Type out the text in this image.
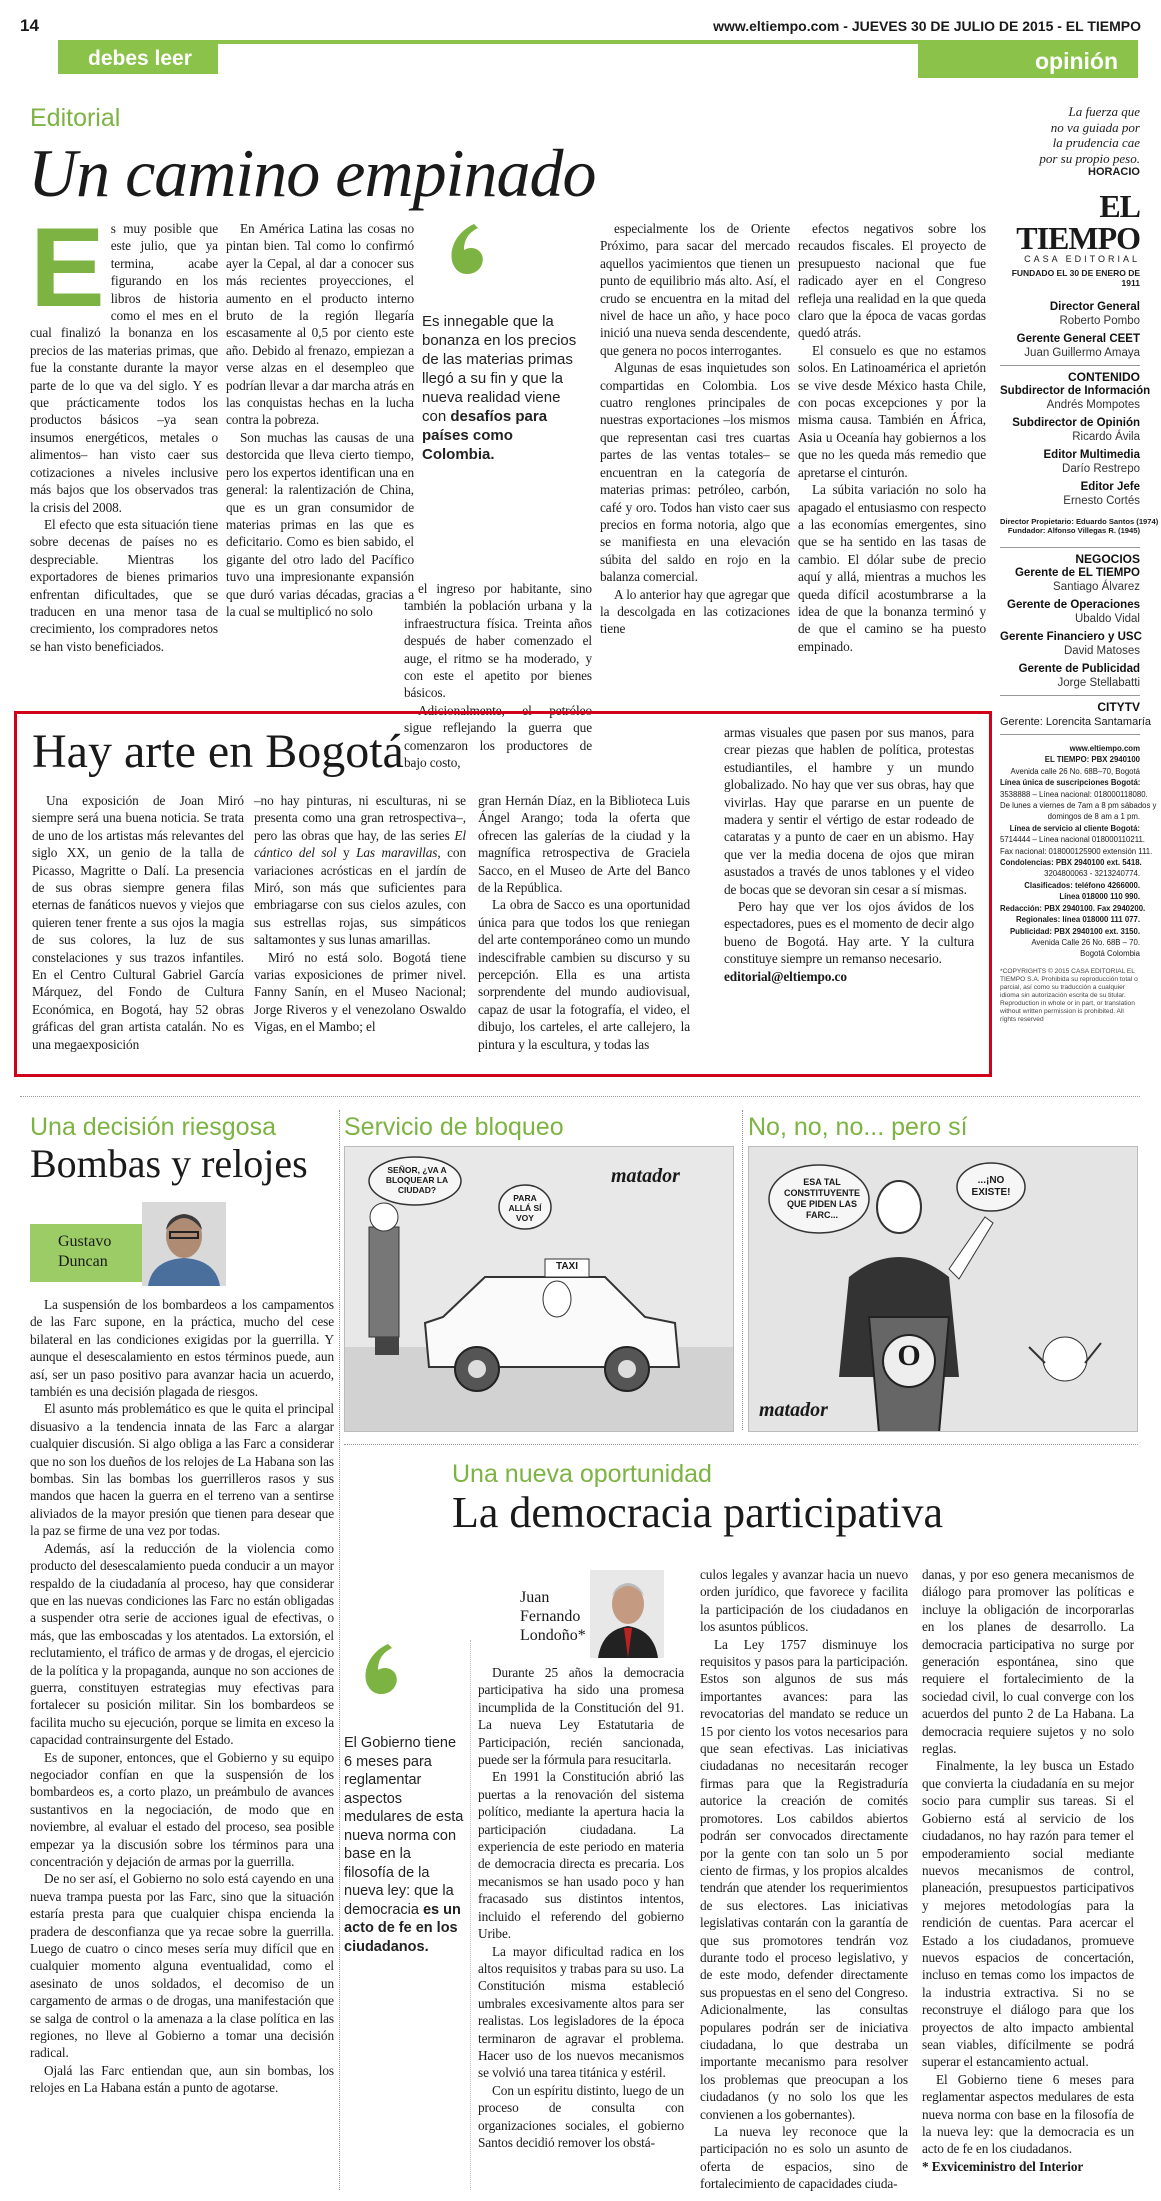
14	www.eltiempo.com - JUEVES 30 DE JULIO DE 2015 - EL TIEMPO
debes leer	opinión
Editorial
Un camino empinado
E s muy posible que este julio, que ya termina, acabe figurando en los libros de historia como el mes en el cual finalizó la bonanza en los precios de las materias primas, que fue la constante durante la mayor parte de lo que va del siglo. Y es que prácticamente todos los productos básicos –ya sean insumos energéticos, metales o alimentos– han visto caer sus cotizaciones a niveles inclusive más bajos que los observados tras la crisis del 2008.

El efecto que esta situación tiene sobre decenas de países no es despreciable. Mientras los exportadores de bienes primarios enfrentan dificultades, que se traducen en una menor tasa de crecimiento, los compradores netos se han visto beneficiados.

En América Latina las cosas no pintan bien. Tal como lo confirmó ayer la Cepal, al dar a conocer sus más recientes proyecciones, el aumento en el producto interno bruto de la región llegaría escasamente al 0,5 por ciento este año. Debido al frenazo, empiezan a verse alzas en el desempleo que podrían llevar a dar marcha atrás en las conquistas hechas en la lucha contra la pobreza.

Son muchas las causas de una destorcida que lleva cierto tiempo, pero los expertos identifican una en general: la ralentización de China, que es un gran consumidor de materias primas en las que es deficitario. Como es bien sabido, el gigante del otro lado del Pacífico tuvo una impresionante expansión que duró varias décadas, gracias a la cual se multiplicó no solo

Es innegable que la bonanza en los precios de las materias primas llegó a su fin y que la nueva realidad viene con desafíos para países como Colombia.

el ingreso por habitante, sino también la población urbana y la infraestructura física. Treinta años después de haber comenzado el auge, el ritmo se ha moderado, y con este el apetito por bienes básicos.

Adicionalmente, el petróleo sigue reflejando la guerra que comenzaron los productores de bajo costo,

especialmente los de Oriente Próximo, para sacar del mercado aquellos yacimientos que tienen un punto de equilibrio más alto. Así, el crudo se encuentra en la mitad del nivel de hace un año, y hace poco inició una nueva senda descendente, que genera no pocos interrogantes.

Algunas de esas inquietudes son compartidas en Colombia. Los cuatro renglones principales de nuestras exportaciones –los mismos que representan casi tres cuartas partes de las ventas totales– se encuentran en la categoría de materias primas: petróleo, carbón, café y oro. Todos han visto caer sus precios en forma notoria, algo que se manifiesta en una elevación súbita del saldo en rojo en la balanza comercial.

A lo anterior hay que agregar que la descolgada en las cotizaciones tiene

efectos negativos sobre los recaudos fiscales. El proyecto de presupuesto nacional que fue radicado ayer en el Congreso refleja una realidad en la que queda claro que la época de vacas gordas quedó atrás.

El consuelo es que no estamos solos. En Latinoamérica el aprietón se vive desde México hasta Chile, con pocas excepciones y por la misma causa. También en África, Asia u Oceanía hay gobiernos a los que no les queda más remedio que apretarse el cinturón.

La súbita variación no solo ha apagado el entusiasmo con respecto a las economías emergentes, sino que se ha sentido en las tasas de cambio. El dólar sube de precio aquí y allá, mientras a muchos les queda difícil acostumbrarse a la idea de que la bonanza terminó y de que el camino se ha puesto empinado.

La fuerza que
no va guiada por
la prudencia cae
por su propio peso.
HORACIO
EL TIEMPO
CASA EDITORIAL
FUNDADO EL 30 DE ENERO DE 1911
Director General
Roberto Pombo
Gerente General CEET
Juan Guillermo Amaya
CONTENIDO
Subdirector de Información
Andrés Mompotes
Subdirector de Opinión
Ricardo Ávila
Editor Multimedia
Darío Restrepo
Editor Jefe
Ernesto Cortés
Director Propietario: Eduardo Santos (1974)
Fundador: Alfonso Villegas R. (1945)
NEGOCIOS
Gerente de EL TIEMPO
Santiago Álvarez
Gerente de Operaciones
Ubaldo Vidal
Gerente Financiero y USC
David Matoses
Gerente de Publicidad
Jorge Stellabatti
CITYTV
Gerente: Lorencita Santamaría
www.eltiempo.com
EL TIEMPO: PBX 2940100
Avenida calle 26 No. 68B–70, Bogotá
Línea única de suscripciones Bogotá:
3538888 – Línea nacional: 018000118080.
De lunes a viernes de 7am a 8 pm sábados y
domingos de 8 am a 1 pm.
Línea de servicio al cliente Bogotá:
5714444 – Línea nacional 018000110211.
Fax nacional: 018000125900 extensión 111.
Condolencias: PBX 2940100 ext. 5418.
3204800063 - 3213240774.
Clasificados: teléfono 4266000.
Línea 018000 110 990.
Redacción: PBX 2940100. Fax 2940200.
Regionales: línea 018000 111 077.
Publicidad: PBX 2940100 ext. 3150.
Avenida Calle 26 No. 68B – 70.
Bogotá Colombia
*COPYRIGHTS © 2015 CASA EDITORIAL EL TIEMPO S.A. Prohibida su reproducción total o parcial, así como su traducción a cualquier idioma sin autorización escrita de su titular. Reproduction in whole or in part, or translation without written permission is prohibited. All rights reserved
Hay arte en Bogotá

Una exposición de Joan Miró siempre será una buena noticia. Se trata de uno de los artistas más relevantes del siglo XX, un genio de la talla de Picasso, Magritte o Dalí. La presencia de sus obras siempre genera filas eternas de fanáticos nuevos y viejos que quieren tener frente a sus ojos la magia de sus colores, la luz de sus constelaciones y sus trazos infantiles. En el Centro Cultural Gabriel García Márquez, del Fondo de Cultura Económica, en Bogotá, hay 52 obras gráficas del gran artista catalán. No es una megaexposición

–no hay pinturas, ni esculturas, ni se presenta como una gran retrospectiva–, pero las obras que hay, de las series El cántico del sol y Las maravillas, con variaciones acrósticas en el jardín de Miró, son más que suficientes para embriagarse con sus cielos azules, con sus estrellas rojas, sus simpáticos saltamontes y sus lunas amarillas.

Miró no está solo. Bogotá tiene varias exposiciones de primer nivel. Fanny Sanín, en el Museo Nacional; Jorge Riveros y el venezolano Oswaldo Vigas, en el Mambo; el

gran Hernán Díaz, en la Biblioteca Luis Ángel Arango; toda la oferta que ofrecen las galerías de la ciudad y la magnífica retrospectiva de Graciela Sacco, en el Museo de Arte del Banco de la República.

La obra de Sacco es una oportunidad única para que todos los que reniegan del arte contemporáneo como un mundo indescifrable cambien su discurso y su percepción. Ella es una artista sorprendente del mundo audiovisual, capaz de usar la fotografía, el video, el dibujo, los carteles, el arte callejero, la pintura y la escultura, y todas las

armas visuales que pasen por sus manos, para crear piezas que hablen de política, protestas estudiantiles, el hambre y un mundo globalizado. No hay que ver sus obras, hay que vivirlas. Hay que pararse en un puente de madera y sentir el vértigo de estar rodeado de cataratas y a punto de caer en un abismo. Hay que ver la media docena de ojos que miran asustados a través de unos tablones y el video de bocas que se devoran sin cesar a sí mismas.

Pero hay que ver los ojos ávidos de los espectadores, pues es el momento de decir algo bueno de Bogotá. Hay arte. Y la cultura constituye siempre un remanso necesario.

editorial@eltiempo.co

Una decisión riesgosa
Bombas y relojes
Gustavo
Duncan

La suspensión de los bombardeos a los campamentos de las Farc supone, en la práctica, mucho del cese bilateral en las condiciones exigidas por la guerrilla. Y aunque el desescalamiento en estos términos puede, aun así, ser un paso positivo para avanzar hacia un acuerdo, también es una decisión plagada de riesgos.

El asunto más problemático es que le quita el principal disuasivo a la tendencia innata de las Farc a alargar cualquier discusión. Si algo obliga a las Farc a considerar que no son los dueños de los relojes de La Habana son las bombas. Sin las bombas los guerrilleros rasos y sus mandos que hacen la guerra en el terreno van a sentirse aliviados de la mayor presión que tienen para desear que la paz se firme de una vez por todas.

Además, así la reducción de la violencia como producto del desescalamiento pueda conducir a un mayor respaldo de la ciudadanía al proceso, hay que considerar que en las nuevas condiciones las Farc no están obligadas a suspender otra serie de acciones igual de efectivas, o más, que las emboscadas y los atentados. La extorsión, el reclutamiento, el tráfico de armas y de drogas, el ejercicio de la política y la propaganda, aunque no son acciones de guerra, constituyen estrategias muy efectivas para fortalecer su posición militar. Sin los bombardeos se facilita mucho su ejecución, porque se limita en exceso la capacidad contrainsurgente del Estado.

Es de suponer, entonces, que el Gobierno y su equipo negociador confían en que la suspensión de los bombardeos es, a corto plazo, un preámbulo de avances sustantivos en la negociación, de modo que en noviembre, al evaluar el estado del proceso, sea posible empezar ya la discusión sobre los términos para una concentración y dejación de armas por la guerrilla.

De no ser así, el Gobierno no solo está cayendo en una nueva trampa puesta por las Farc, sino que la situación estaría presta para que cualquier chispa encienda la pradera de desconfianza que ya recae sobre la guerrilla. Luego de cuatro o cinco meses sería muy difícil que en cualquier momento alguna eventualidad, como el asesinato de unos soldados, el decomiso de un cargamento de armas o de drogas, una manifestación que se salga de control o la amenaza a la clase política en las regiones, no lleve al Gobierno a tomar una decisión radical.

Ojalá las Farc entiendan que, aun sin bombas, los relojes en La Habana están a punto de agotarse.

Servicio de bloqueo
SEÑOR, ¿VA A BLOQUEAR LA CIUDAD?
PARA ALLÁ SÍ VOY
TAXI
matador
No, no, no... pero sí
ESA TAL CONSTITUYENTE QUE PIDEN LAS FARC...
...¡NO EXISTE!
O
matador
Una nueva oportunidad
La democracia participativa
Juan
Fernando
Londoño*
El Gobierno tiene 6 meses para reglamentar aspectos medulares de esta nueva norma con base en la filosofía de la nueva ley: que la democracia es un acto de fe en los ciudadanos.

Durante 25 años la democracia participativa ha sido una promesa incumplida de la Constitución del 91. La nueva Ley Estatutaria de Participación, recién sancionada, puede ser la fórmula para resucitarla.

En 1991 la Constitución abrió las puertas a la renovación del sistema político, mediante la apertura hacia la participación ciudadana. La experiencia de este periodo en materia de democracia directa es precaria. Los mecanismos se han usado poco y han fracasado sus distintos intentos, incluido el referendo del gobierno Uribe.

La mayor dificultad radica en los altos requisitos y trabas para su uso. La Constitución misma estableció umbrales excesivamente altos para ser realistas. Los legisladores de la época terminaron de agravar el problema. Hacer uso de los nuevos mecanismos se volvió una tarea titánica y estéril.

Con un espíritu distinto, luego de un proceso de consulta con organizaciones sociales, el gobierno Santos decidió remover los obstá-

culos legales y avanzar hacia un nuevo orden jurídico, que favorece y facilita la participación de los ciudadanos en los asuntos públicos.

La Ley 1757 disminuye los requisitos y pasos para la participación. Estos son algunos de sus más importantes avances: para las revocatorias del mandato se reduce un 15 por ciento los votos necesarios para que sean efectivas. Las iniciativas ciudadanas no necesitarán recoger firmas para que la Registraduría autorice la creación de comités promotores. Los cabildos abiertos podrán ser convocados directamente por la gente con tan solo un 5 por ciento de firmas, y los propios alcaldes tendrán que atender los requerimientos de sus electores. Las iniciativas legislativas contarán con la garantía de que sus promotores tendrán voz durante todo el proceso legislativo, y de este modo, defender directamente sus propuestas en el seno del Congreso. Adicionalmente, las consultas populares podrán ser de iniciativa ciudadana, lo que destraba un importante mecanismo para resolver los problemas que preocupan a los ciudadanos (y no solo los que les convienen a los gobernantes).

La nueva ley reconoce que la participación no es solo un asunto de oferta de espacios, sino de fortalecimiento de capacidades ciuda-

danas, y por eso genera mecanismos de diálogo para promover las políticas e incluye la obligación de incorporarlas en los planes de desarrollo. La democracia participativa no surge por generación espontánea, sino que requiere el fortalecimiento de la sociedad civil, lo cual converge con los acuerdos del punto 2 de La Habana. La democracia requiere sujetos y no solo reglas.

Finalmente, la ley busca un Estado que convierta la ciudadanía en su mejor socio para cumplir sus tareas. Si el Gobierno está al servicio de los ciudadanos, no hay razón para temer el empoderamiento social mediante nuevos mecanismos de control, planeación, presupuestos participativos y mejores metodologías para la rendición de cuentas. Para acercar el Estado a los ciudadanos, promueve nuevos espacios de concertación, incluso en temas como los impactos de la industria extractiva. Si no se reconstruye el diálogo para que los proyectos de alto impacto ambiental sean viables, difícilmente se podrá superar el estancamiento actual.

El Gobierno tiene 6 meses para reglamentar aspectos medulares de esta nueva norma con base en la filosofía de la nueva ley: que la democracia es un acto de fe en los ciudadanos.

* Exviceministro del Interior
